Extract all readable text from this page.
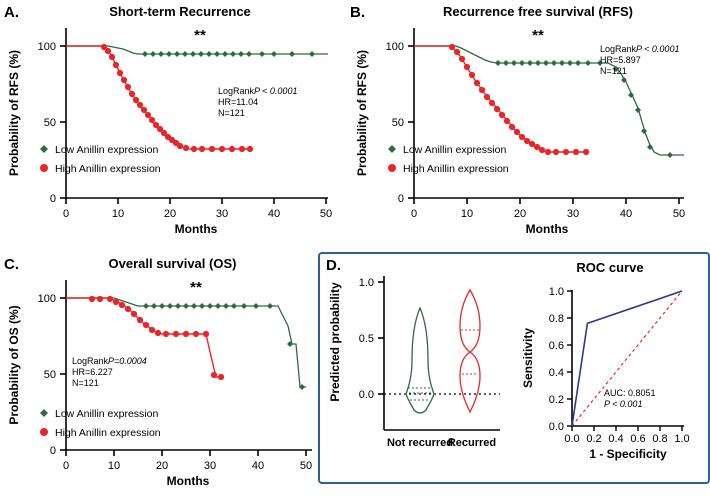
A.	Short-term Recurrence
0
50
100
0	10	20	30	40	50
Months
Probability of RFS (%)
**
LogRank P < 0.0001
HR=11.04
N=121
Low Anillin expression
High Anillin expression
B.	Recurrence free survival (RFS)
0
50
100
0	10	20	30	40	50
Months
Probability of RFS (%)
**
LogRank P < 0.0001
HR=5.897
N=121
Low Anillin expression
High Anillin expression
C.	Overall survival (OS)
0
50
100
0	10	20	30	40	50
Months
Probability of OS (%)
**
LogRank P=0.0004
HR=6.227
N=121
Low Anillin expression
High Anillin expression
D.	ROC curve
1.0
0.5
0.0
Predicted probability
Not recurred
Recurred
0.0
0.2
0.4
0.6
0.8
1.0
0.0 0.2 0.4 0.6 0.8 1.0
1 - Specificity
Sensitivity
AUC: 0.8051
P < 0.001
